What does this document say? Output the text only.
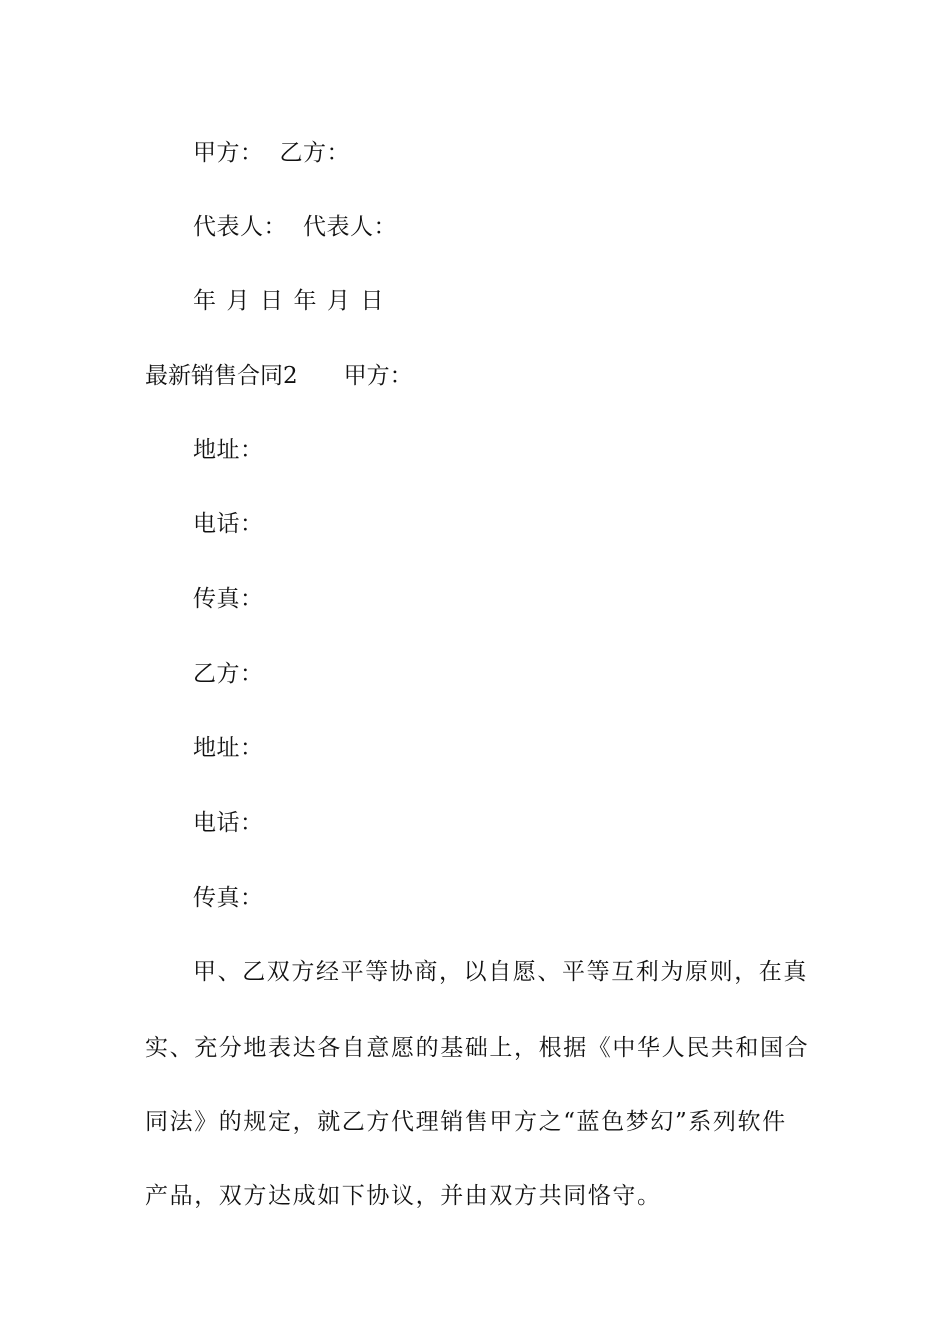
甲方： 乙方：
代表人： 代表人：
年 月 日 年 月 日
最新销售合同2 甲方：
地址：
电话：
传真：
乙方：
地址：
电话：
传真：
甲、乙双方经平等协商，以自愿、平等互利为原则，在真
实、充分地表达各自意愿的基础上，根据《中华人民共和国合
同法》的规定，就乙方代理销售甲方之“蓝色梦幻”系列软件
产品，双方达成如下协议，并由双方共同恪守。
